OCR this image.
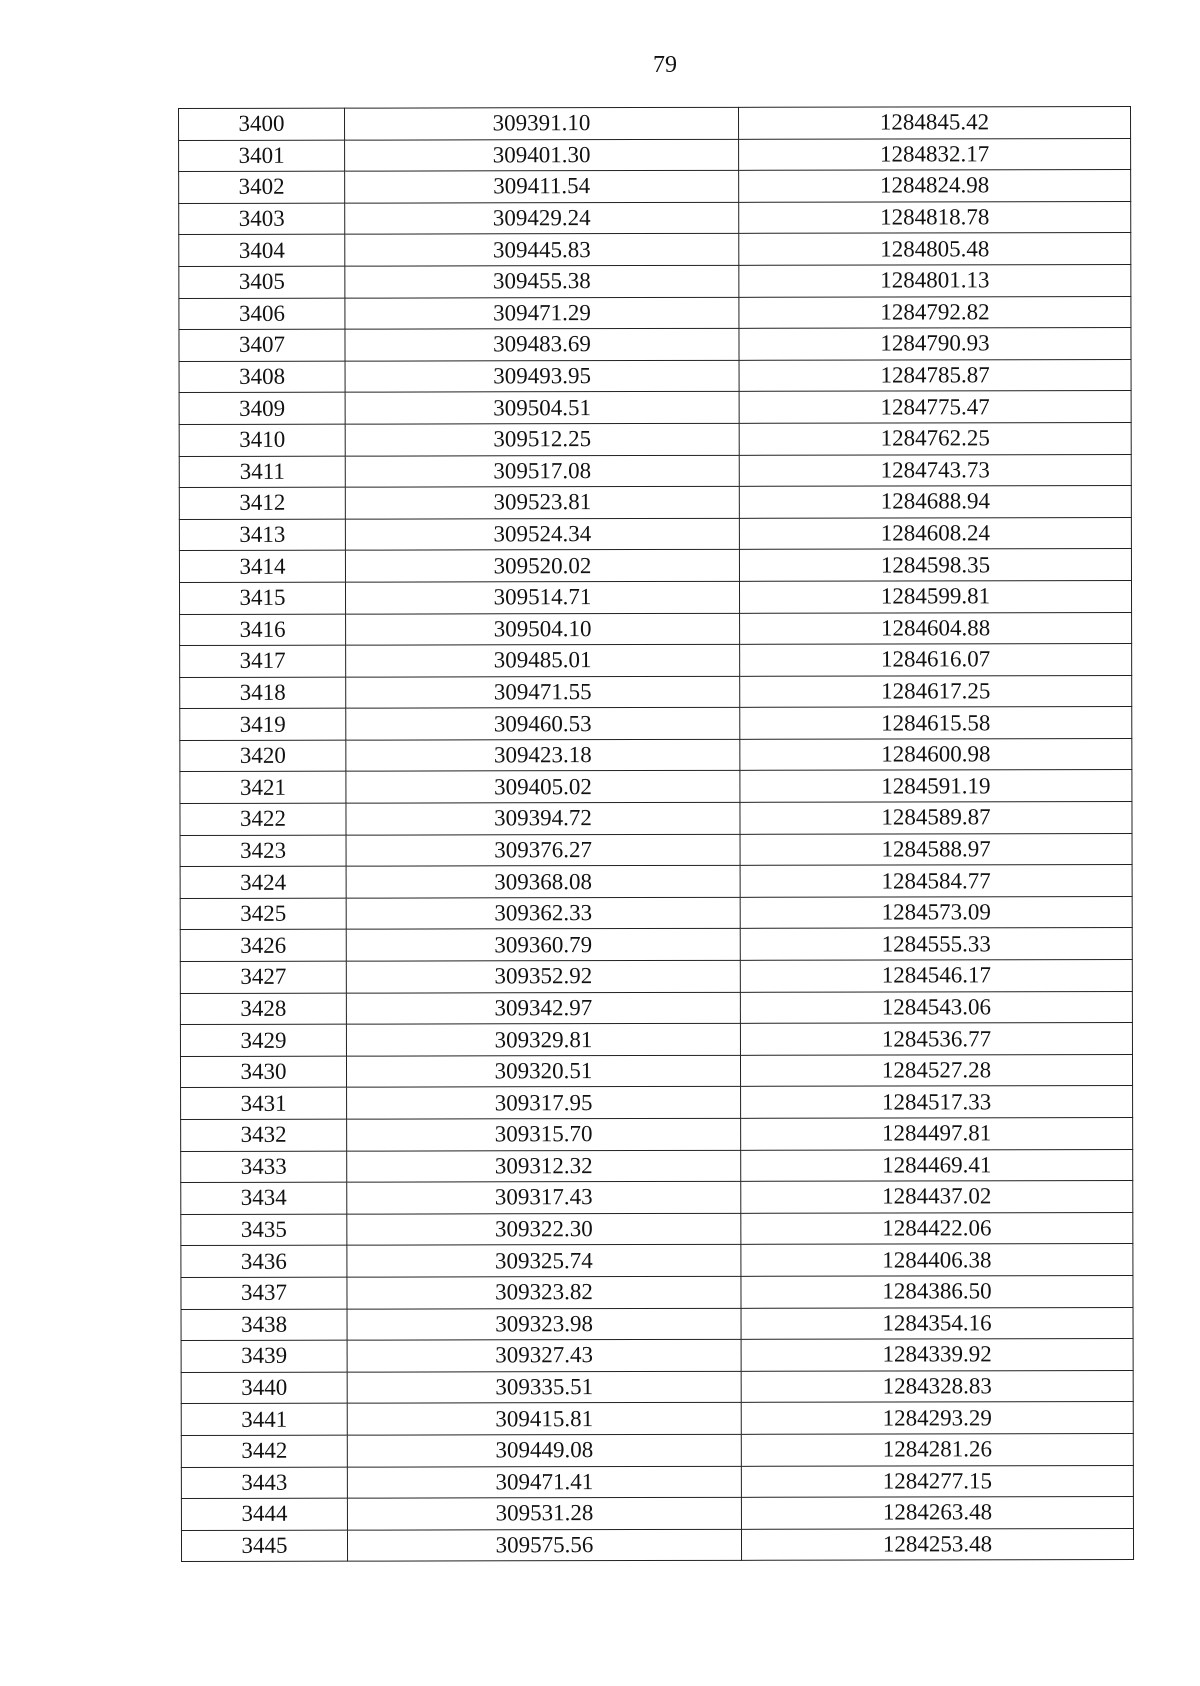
79
3400	309391.10	1284845.42
3401	309401.30	1284832.17
3402	309411.54	1284824.98
3403	309429.24	1284818.78
3404	309445.83	1284805.48
3405	309455.38	1284801.13
3406	309471.29	1284792.82
3407	309483.69	1284790.93
3408	309493.95	1284785.87
3409	309504.51	1284775.47
3410	309512.25	1284762.25
3411	309517.08	1284743.73
3412	309523.81	1284688.94
3413	309524.34	1284608.24
3414	309520.02	1284598.35
3415	309514.71	1284599.81
3416	309504.10	1284604.88
3417	309485.01	1284616.07
3418	309471.55	1284617.25
3419	309460.53	1284615.58
3420	309423.18	1284600.98
3421	309405.02	1284591.19
3422	309394.72	1284589.87
3423	309376.27	1284588.97
3424	309368.08	1284584.77
3425	309362.33	1284573.09
3426	309360.79	1284555.33
3427	309352.92	1284546.17
3428	309342.97	1284543.06
3429	309329.81	1284536.77
3430	309320.51	1284527.28
3431	309317.95	1284517.33
3432	309315.70	1284497.81
3433	309312.32	1284469.41
3434	309317.43	1284437.02
3435	309322.30	1284422.06
3436	309325.74	1284406.38
3437	309323.82	1284386.50
3438	309323.98	1284354.16
3439	309327.43	1284339.92
3440	309335.51	1284328.83
3441	309415.81	1284293.29
3442	309449.08	1284281.26
3443	309471.41	1284277.15
3444	309531.28	1284263.48
3445	309575.56	1284253.48
